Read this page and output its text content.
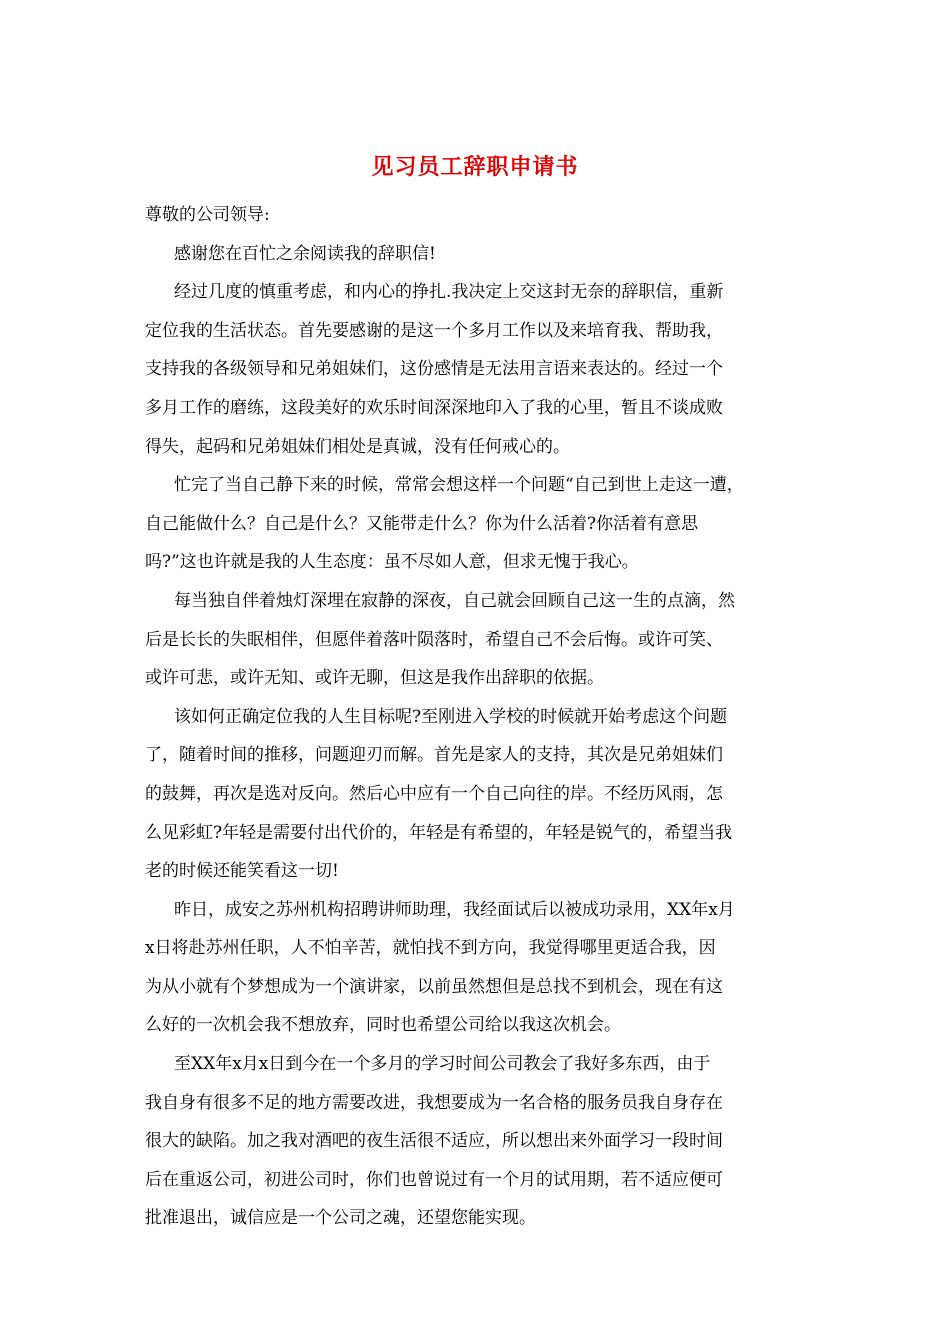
见习员工辞职申请书
尊敬的公司领导:
感谢您在百忙之余阅读我的辞职信!
经过几度的慎重考虑，和内心的挣扎.我决定上交这封无奈的辞职信，重新
定位我的生活状态。首先要感谢的是这一个多月工作以及来培育我、帮助我，
支持我的各级领导和兄弟姐妹们，这份感情是无法用言语来表达的。经过一个
多月工作的磨练，这段美好的欢乐时间深深地印入了我的心里，暂且不谈成败
得失，起码和兄弟姐妹们相处是真诚，没有任何戒心的。
忙完了当自己静下来的时候，常常会想这样一个问题“自己到世上走这一遭，
自己能做什么？自己是什么？又能带走什么？你为什么活着?你活着有意思
吗?”这也许就是我的人生态度：虽不尽如人意，但求无愧于我心。
每当独自伴着烛灯深埋在寂静的深夜，自己就会回顾自己这一生的点滴，然
后是长长的失眠相伴，但愿伴着落叶陨落时，希望自己不会后悔。或许可笑、
或许可悲，或许无知、或许无聊，但这是我作出辞职的依据。
该如何正确定位我的人生目标呢?至刚进入学校的时候就开始考虑这个问题
了，随着时间的推移，问题迎刃而解。首先是家人的支持，其次是兄弟姐妹们
的鼓舞，再次是选对反向。然后心中应有一个自己向往的岸。不经历风雨，怎
么见彩虹?年轻是需要付出代价的，年轻是有希望的，年轻是锐气的，希望当我
老的时候还能笑看这一切!
昨日，成安之苏州机构招聘讲师助理，我经面试后以被成功录用，XX年x月
x日将赴苏州任职，人不怕辛苦，就怕找不到方向，我觉得哪里更适合我，因
为从小就有个梦想成为一个演讲家，以前虽然想但是总找不到机会，现在有这
么好的一次机会我不想放弃，同时也希望公司给以我这次机会。
至XX年x月x日到今在一个多月的学习时间公司教会了我好多东西，由于
我自身有很多不足的地方需要改进，我想要成为一名合格的服务员我自身存在
很大的缺陷。加之我对酒吧的夜生活很不适应，所以想出来外面学习一段时间
后在重返公司，初进公司时，你们也曾说过有一个月的试用期，若不适应便可
批准退出，诚信应是一个公司之魂，还望您能实现。
